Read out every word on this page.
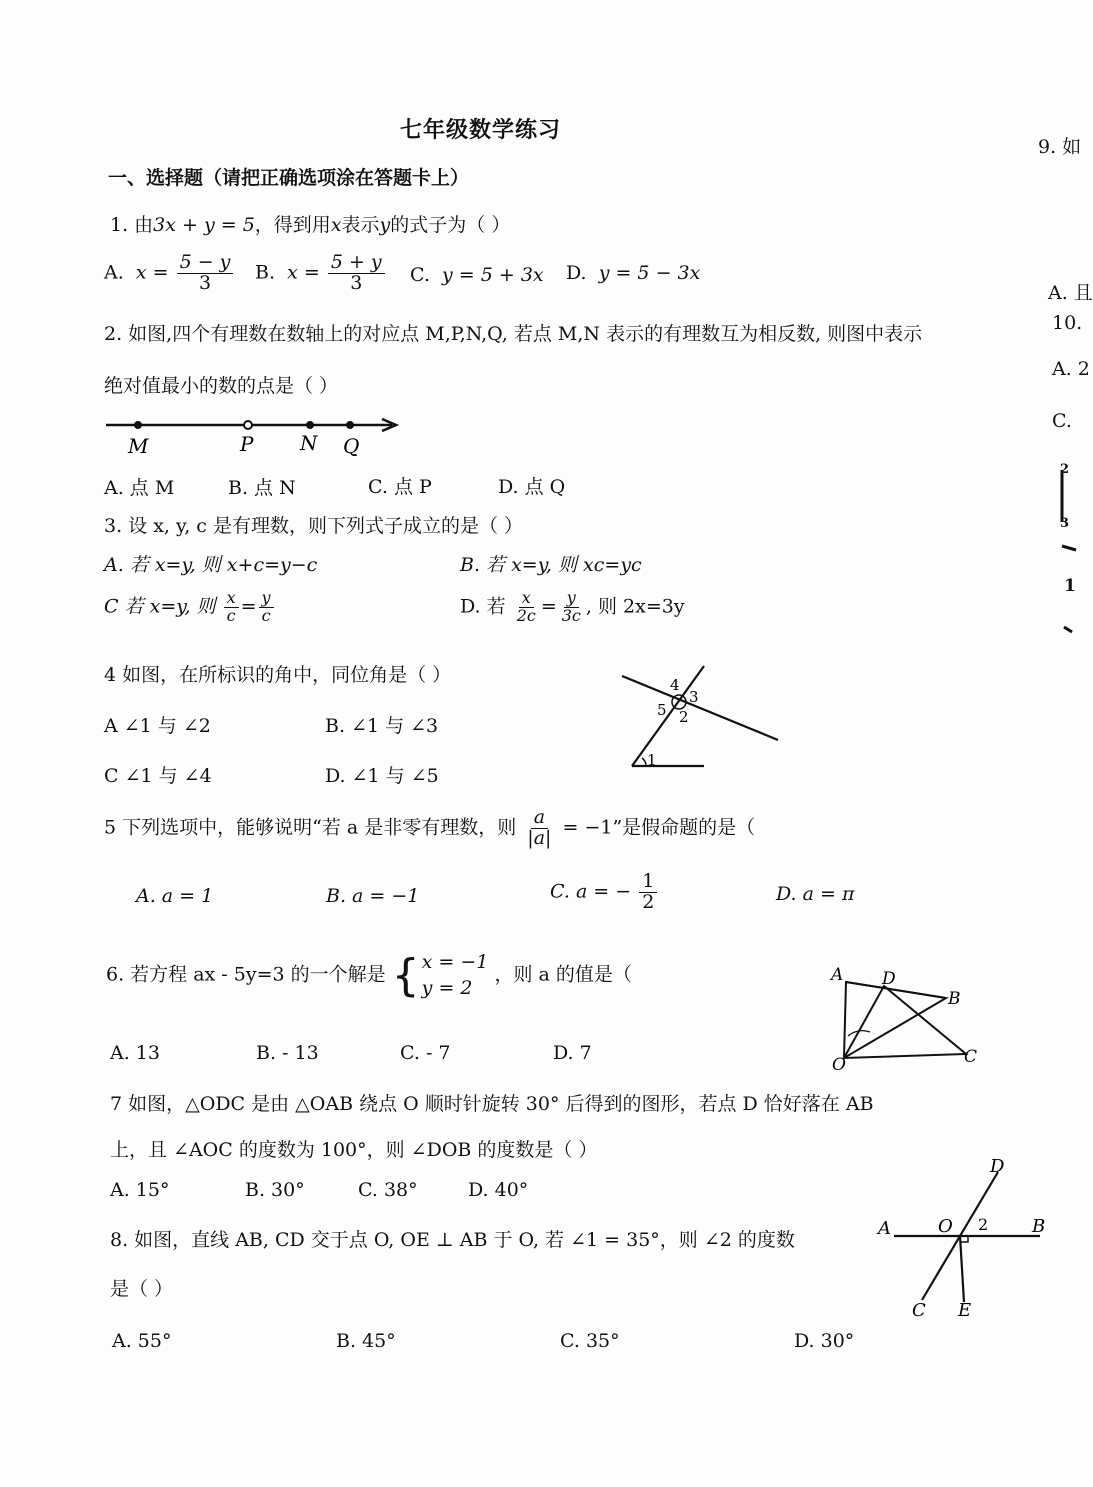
七年级数学练习
9. 如
A. 且
10.
A. 2
C.
2
3
1
一、选择题（请把正确选项涂在答题卡上）
1. 由3x + y = 5，得到用x表示y的式子为（ ）
A. $x = \frac{5 - y}{3} B$. $x = \frac{5 + y}{3} C$. y = 5 + 3x D. y = 5 − 3x
2. 如图,四个有理数在数轴上的对应点 M,P,N,Q, 若点 M,N 表示的有理数互为相反数, 则图中表示
绝对值最小的数的点是（ ）
M	P N Q
A. 点 M	B. 点 N	C. 点 P	D. 点 Q
3. 设 x, y, c 是有理数，则下列式子成立的是（ ）
A. 若 x=y, 则 x+c=y−c	B. 若 x=y, 则 xc=yc
C 若 x=y, 则 $\frac{x}{c} = \frac{y}{c}$	D. 若 $\frac{x}{2c} = \frac{y}{3c}$ , 则 2x=3y
4 如图，在所标识的角中，同位角是（ ）
A ∠1 与 ∠2	B. ∠1 与 ∠3
C ∠1 与 ∠4	D. ∠1 与 ∠5
4
3
5 2
1
5 下列选项中，能够说明“若 a 是非零有理数，则 $\frac{a}{|a|} = -1$”是假命题的是（
A. a = 1	B. a = −1	C. a = − $\frac{1}{2}$	D. a = π
6. 若方程 ax - 5y=3 的一个解是 { x = −1
y = 2
，则 a 的值是（
A. 13	B. - 13	C. - 7	D. 7
A D
B
O	C
7 如图，△ODC 是由 △OAB 绕点 O 顺时针旋转 30° 后得到的图形，若点 D 恰好落在 AB
上，且 ∠AOC 的度数为 100°，则 ∠DOB 的度数是（ ）
A. 15°	B. 30°	C. 38°	D. 40°
8. 如图，直线 AB, CD 交于点 O, OE ⊥ AB 于 O, 若 ∠1 = 35°，则 ∠2 的度数
是（ ）
A. 55°	B. 45°	C. 35°	D. 30°
D
A	O 2 B
C E
